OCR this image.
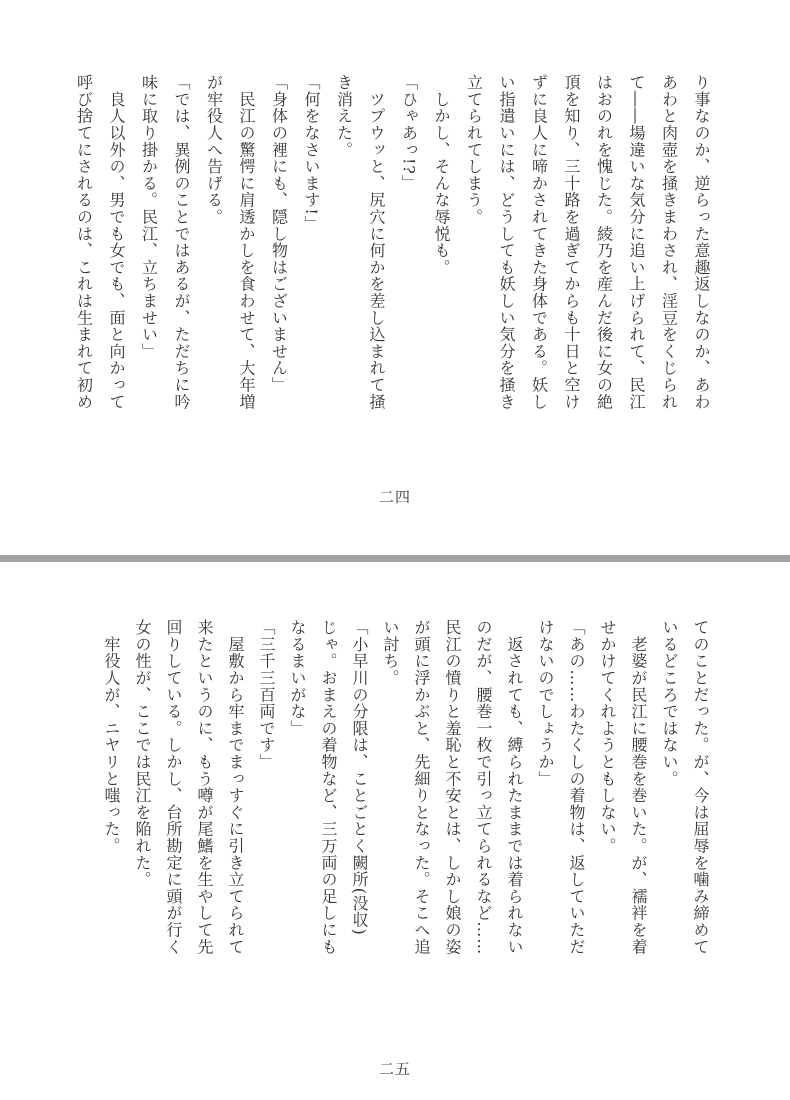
り事なのか、逆らった意趣返しなのか、あわ
あわと肉壺を掻きまわされ、淫豆をくじられ
て――場違いな気分に追い上げられて、民江
はおのれを愧じた。綾乃を産んだ後に女の絶
頂を知り、三十路を過ぎてからも十日と空け
ずに良人に啼かされてきた身体である。妖し
い指遣いには、どうしても妖しい気分を掻き
立てられてしまう。
　しかし、そんな辱悦も。
「ひゃあっ!?」
　ツプウッと、尻穴に何かを差し込まれて掻
き消えた。
「何をなさいます!」
「身体の裡にも、隠し物はございません」
　民江の驚愕に肩透かしを食わせて、大年増
が牢役人へ告げる。
「では、異例のことではあるが、ただちに吟
味に取り掛かる。民江、立ちませい」
　良人以外の、男でも女でも、面と向かって
呼び捨てにされるのは、これは生まれて初め
二四
てのことだった。が、今は屈辱を噛み締めて
いるどころではない。
　老婆が民江に腰巻を巻いた。が、襦袢を着
せかけてくれようともしない。
「あの……わたくしの着物は、返していただ
けないのでしょうか」
　返されても、縛られたままでは着られない
のだが、腰巻一枚で引っ立てられるなど……
民江の憤りと羞恥と不安とは、しかし娘の姿
が頭に浮かぶと、先細りとなった。そこへ追
い討ち。
「小早川の分限は、ことごとく闕所(没収)
じゃ。おまえの着物など、三万両の足しにも
なるまいがな」
「三千三百両です」
　屋敷から牢までまっすぐに引き立てられて
来たというのに、もう噂が尾鰭を生やして先
回りしている。しかし、台所勘定に頭が行く
女の性が、ここでは民江を陥れた。
　牢役人が、ニヤリと嗤った。
二五
